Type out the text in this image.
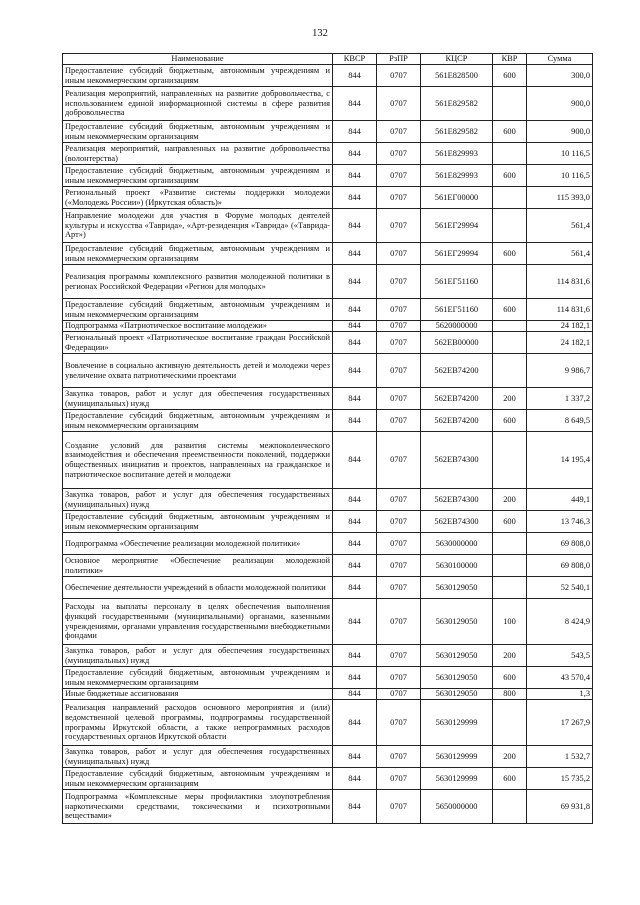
132
Наименование	КВСР	РзПР	КЦСР	КВР	Сумма
Предоставление субсидий бюджетным, автономным учреждениям и иным некоммерческим организациям	844	0707	561Е828500	600	300,0
Реализация мероприятий, направленных на развитие добровольчества, с использованием единой информационной системы в сфере развития добровольчества	844	0707	561Е829582		900,0
Предоставление субсидий бюджетным, автономным учреждениям и иным некоммерческим организациям	844	0707	561Е829582	600	900,0
Реализация мероприятий, направленных на развитие добровольчества (волонтерства)	844	0707	561Е829993		10 116,5
Предоставление субсидий бюджетным, автономным учреждениям и иным некоммерческим организациям	844	0707	561Е829993	600	10 116,5
Региональный проект «Развитие системы поддержки молодежи («Молодежь России») (Иркутская область)»	844	0707	561ЕГ00000		115 393,0
Направление молодежи для участия в Форуме молодых деятелей культуры и искусства «Таврида», «Арт-резиденция «Таврида» («Таврида-Арт»)	844	0707	561ЕГ29994		561,4
Предоставление субсидий бюджетным, автономным учреждениям и иным некоммерческим организациям	844	0707	561ЕГ29994	600	561,4
Реализация программы комплексного развития молодежной политики в регионах Российской Федерации «Регион для молодых»	844	0707	561ЕГ51160		114 831,6
Предоставление субсидий бюджетным, автономным учреждениям и иным некоммерческим организациям	844	0707	561ЕГ51160	600	114 831,6
Подпрограмма «Патриотическое воспитание молодежи»	844	0707	5620000000		24 182,1
Региональный проект «Патриотическое воспитание граждан Российской Федерации»	844	0707	562ЕВ00000		24 182,1
Вовлечение в социально активную деятельность детей и молодежи через увеличение охвата патриотическими проектами	844	0707	562ЕВ74200		9 986,7
Закупка товаров, работ и услуг для обеспечения государственных (муниципальных) нужд	844	0707	562ЕВ74200	200	1 337,2
Предоставление субсидий бюджетным, автономным учреждениям и иным некоммерческим организациям	844	0707	562ЕВ74200	600	8 649,5
Создание условий для развития системы межпоколенческого взаимодействия и обеспечения преемственности поколений, поддержки общественных инициатив и проектов, направленных на гражданское и патриотическое воспитание детей и молодежи	844	0707	562ЕВ74300		14 195,4
Закупка товаров, работ и услуг для обеспечения государственных (муниципальных) нужд	844	0707	562ЕВ74300	200	449,1
Предоставление субсидий бюджетным, автономным учреждениям и иным некоммерческим организациям	844	0707	562ЕВ74300	600	13 746,3
Подпрограмма «Обеспечение реализации молодежной политики»	844	0707	5630000000		69 808,0
Основное мероприятие «Обеспечение реализации молодежной политики»	844	0707	5630100000		69 808,0
Обеспечение деятельности учреждений в области молодежной политики	844	0707	5630129050		52 540,1
Расходы на выплаты персоналу в целях обеспечения выполнения функций государственными (муниципальными) органами, казенными учреждениями, органами управления государственными внебюджетными фондами	844	0707	5630129050	100	8 424,9
Закупка товаров, работ и услуг для обеспечения государственных (муниципальных) нужд	844	0707	5630129050	200	543,5
Предоставление субсидий бюджетным, автономным учреждениям и иным некоммерческим организациям	844	0707	5630129050	600	43 570,4
Иные бюджетные ассигнования	844	0707	5630129050	800	1,3
Реализация направлений расходов основного мероприятия и (или) ведомственной целевой программы, подпрограммы государственной программы Иркутской области, а также непрограммных расходов государственных органов Иркутской области	844	0707	5630129999		17 267,9
Закупка товаров, работ и услуг для обеспечения государственных (муниципальных) нужд	844	0707	5630129999	200	1 532,7
Предоставление субсидий бюджетным, автономным учреждениям и иным некоммерческим организациям	844	0707	5630129999	600	15 735,2
Подпрограмма «Комплексные меры профилактики злоупотребления наркотическими средствами, токсическими и психотропными веществами»	844	0707	5650000000		69 931,8
